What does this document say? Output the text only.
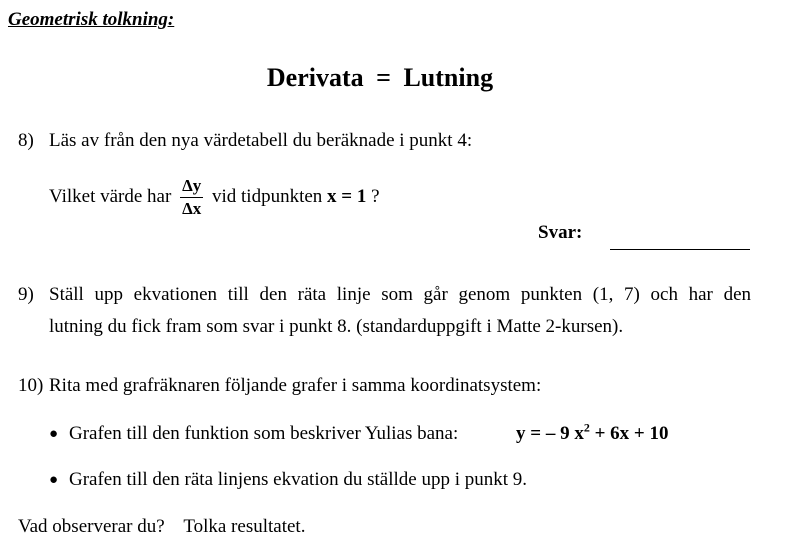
Geometrisk tolkning:
Derivata = Lutning
8) Läs av från den nya värdetabell du beräknade i punkt 4:
Vilket värde har $\frac{\Delta y}{\Delta x}$ vid tidpunkten x = 1 ?
Svar:
9) Ställ upp ekvationen till den räta linje som går genom punkten (1, 7) och har den
lutning du fick fram som svar i punkt 8. (standarduppgift i Matte 2-kursen).
10) Rita med grafräknaren följande grafer i samma koordinatsystem:
● Grafen till den funktion som beskriver Yulias bana:	y = – 9 $x^2 + 6x + 10$
● Grafen till den räta linjens ekvation du ställde upp i punkt 9.
Vad observerar du?    Tolka resultatet.
